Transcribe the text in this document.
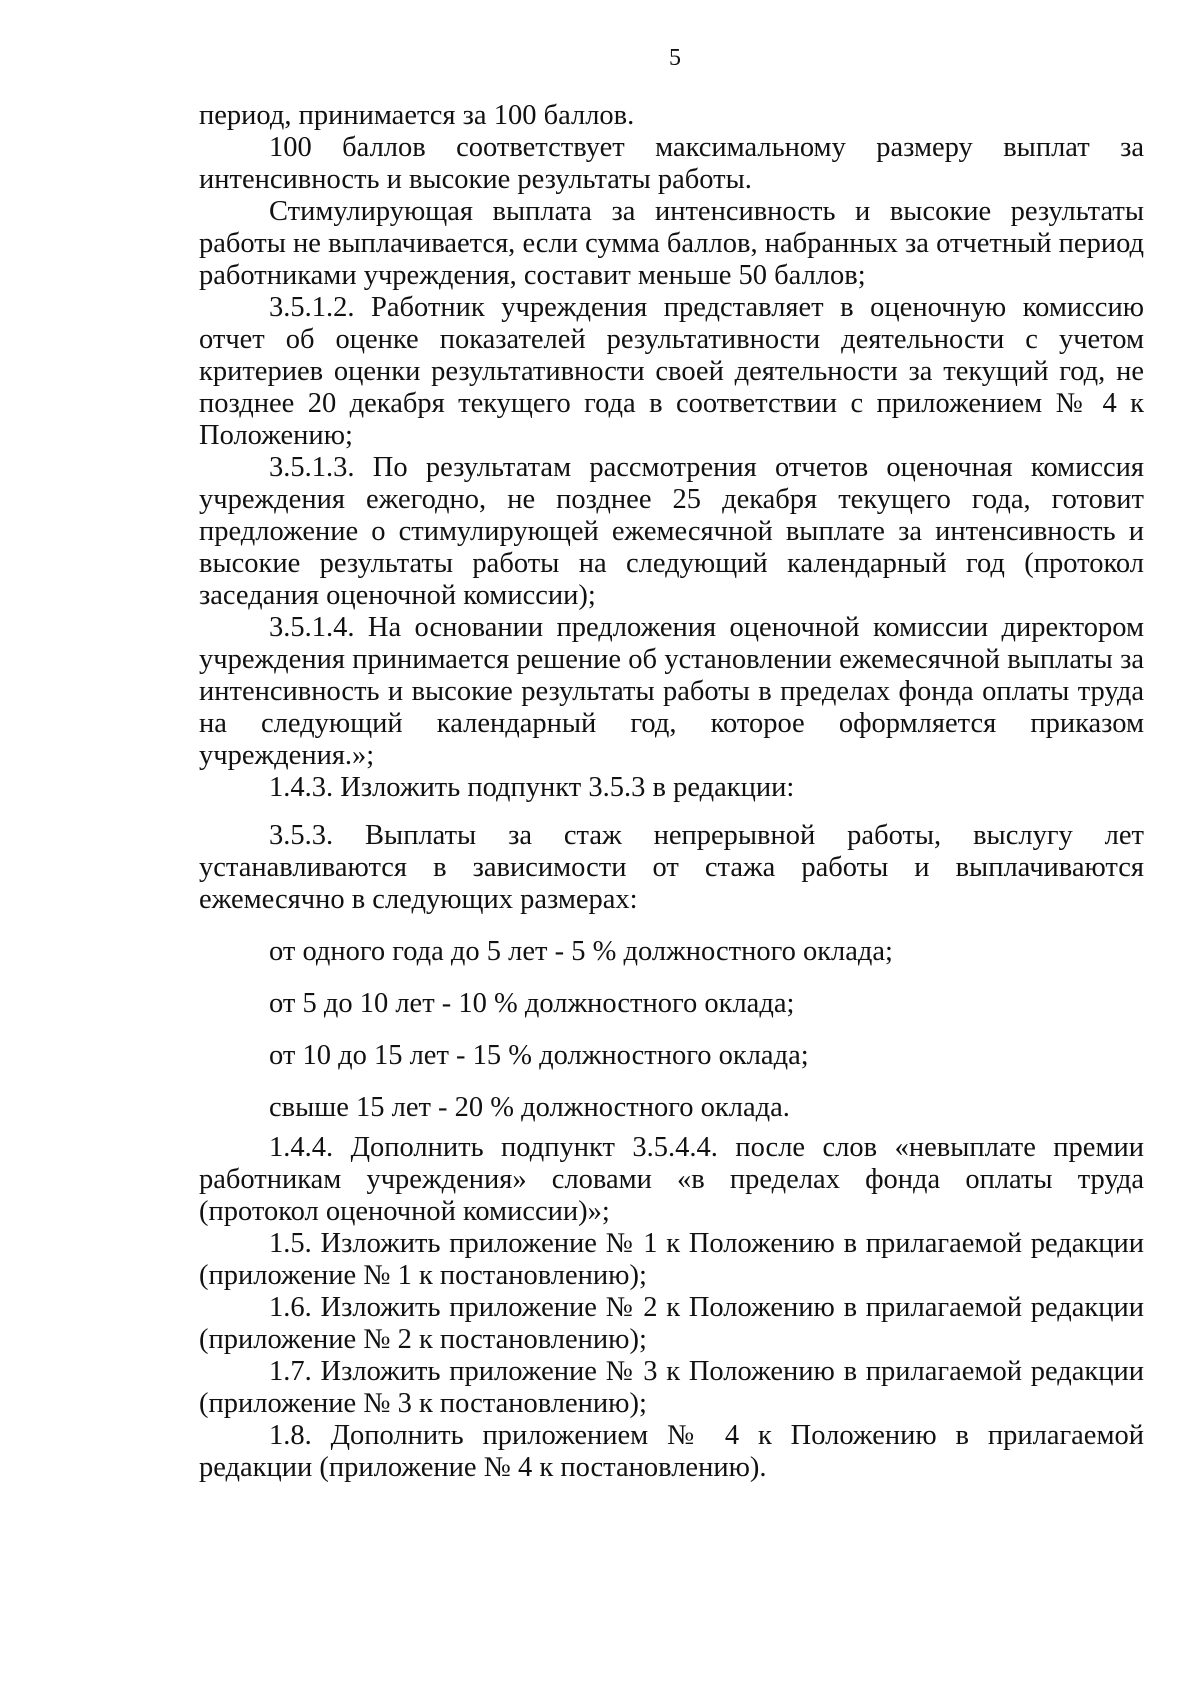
5

период, принимается за 100 баллов.

100 баллов соответствует максимальному размеру выплат за интенсивность и высокие результаты работы.

Стимулирующая выплата за интенсивность и высокие результаты работы не выплачивается, если сумма баллов, набранных за отчетный период работниками учреждения, составит меньше 50 баллов;

3.5.1.2. Работник учреждения представляет в оценочную комиссию отчет об оценке показателей результативности деятельности с учетом критериев оценки результативности своей деятельности за текущий год, не позднее 20 декабря текущего года в соответствии с приложением № 4 к Положению;

3.5.1.3. По результатам рассмотрения отчетов оценочная комиссия учреждения ежегодно, не позднее 25 декабря текущего года, готовит предложение о стимулирующей ежемесячной выплате за интенсивность и высокие результаты работы на следующий календарный год (протокол заседания оценочной комиссии);

3.5.1.4. На основании предложения оценочной комиссии директором учреждения принимается решение об установлении ежемесячной выплаты за интенсивность и высокие результаты работы в пределах фонда оплаты труда на следующий календарный год, которое оформляется приказом учреждения.»;

1.4.3. Изложить подпункт 3.5.3 в редакции:

3.5.3. Выплаты за стаж непрерывной работы, выслугу лет устанавливаются в зависимости от стажа работы и выплачиваются ежемесячно в следующих размерах:

от одного года до 5 лет - 5 % должностного оклада;

от 5 до 10 лет - 10 % должностного оклада;

от 10 до 15 лет - 15 % должностного оклада;

свыше 15 лет - 20 % должностного оклада.

1.4.4. Дополнить подпункт 3.5.4.4. после слов «невыплате премии работникам учреждения» словами «в пределах фонда оплаты труда (протокол оценочной комиссии)»;

1.5. Изложить приложение № 1 к Положению в прилагаемой редакции (приложение № 1 к постановлению);

1.6. Изложить приложение № 2 к Положению в прилагаемой редакции (приложение № 2 к постановлению);

1.7. Изложить приложение № 3 к Положению в прилагаемой редакции (приложение № 3 к постановлению);

1.8. Дополнить приложением № 4 к Положению в прилагаемой редакции (приложение № 4 к постановлению).
